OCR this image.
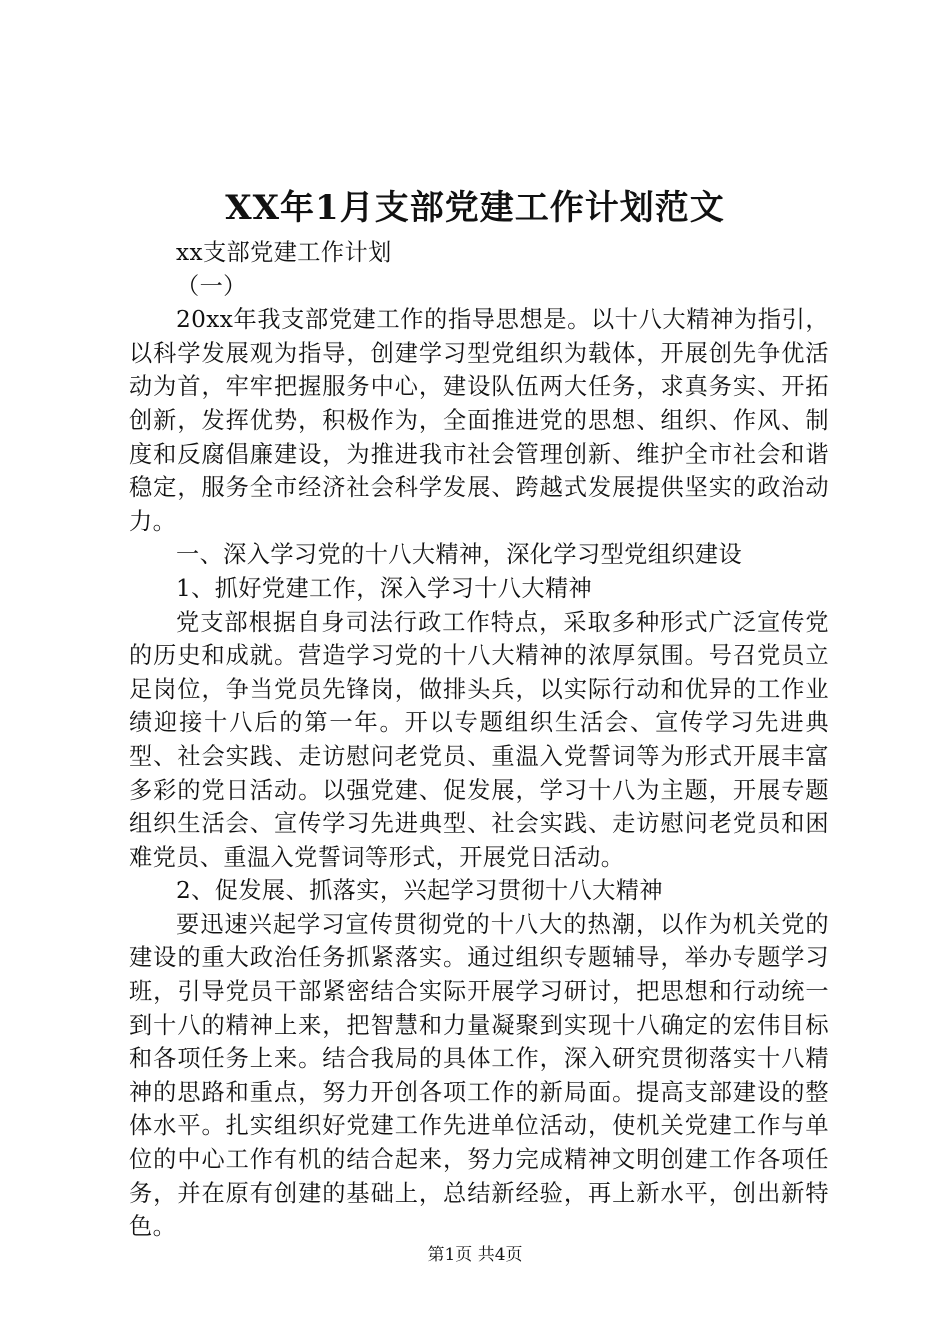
XX年1月支部党建工作计划范文

xx支部党建工作计划

（一）

20xx年我支部党建工作的指导思想是。以十八大精神为指引，以科学发展观为指导，创建学习型党组织为载体，开展创先争优活动为首，牢牢把握服务中心，建设队伍两大任务，求真务实、开拓创新，发挥优势，积极作为，全面推进党的思想、组织、作风、制度和反腐倡廉建设，为推进我市社会管理创新、维护全市社会和谐稳定，服务全市经济社会科学发展、跨越式发展提供坚实的政治动力。

一、深入学习党的十八大精神，深化学习型党组织建设

1、抓好党建工作，深入学习十八大精神

党支部根据自身司法行政工作特点，采取多种形式广泛宣传党的历史和成就。营造学习党的十八大精神的浓厚氛围。号召党员立足岗位，争当党员先锋岗，做排头兵，以实际行动和优异的工作业绩迎接十八后的第一年。开以专题组织生活会、宣传学习先进典型、社会实践、走访慰问老党员、重温入党誓词等为形式开展丰富多彩的党日活动。以强党建、促发展，学习十八为主题，开展专题组织生活会、宣传学习先进典型、社会实践、走访慰问老党员和困难党员、重温入党誓词等形式，开展党日活动。

2、促发展、抓落实，兴起学习贯彻十八大精神

要迅速兴起学习宣传贯彻党的十八大的热潮，以作为机关党的建设的重大政治任务抓紧落实。通过组织专题辅导，举办专题学习班，引导党员干部紧密结合实际开展学习研讨，把思想和行动统一到十八的精神上来，把智慧和力量凝聚到实现十八确定的宏伟目标和各项任务上来。结合我局的具体工作，深入研究贯彻落实十八精神的思路和重点，努力开创各项工作的新局面。提高支部建设的整体水平。扎实组织好党建工作先进单位活动，使机关党建工作与单位的中心工作有机的结合起来，努力完成精神文明创建工作各项任务，并在原有创建的基础上，总结新经验，再上新水平，创出新特色。

第1页 共4页
